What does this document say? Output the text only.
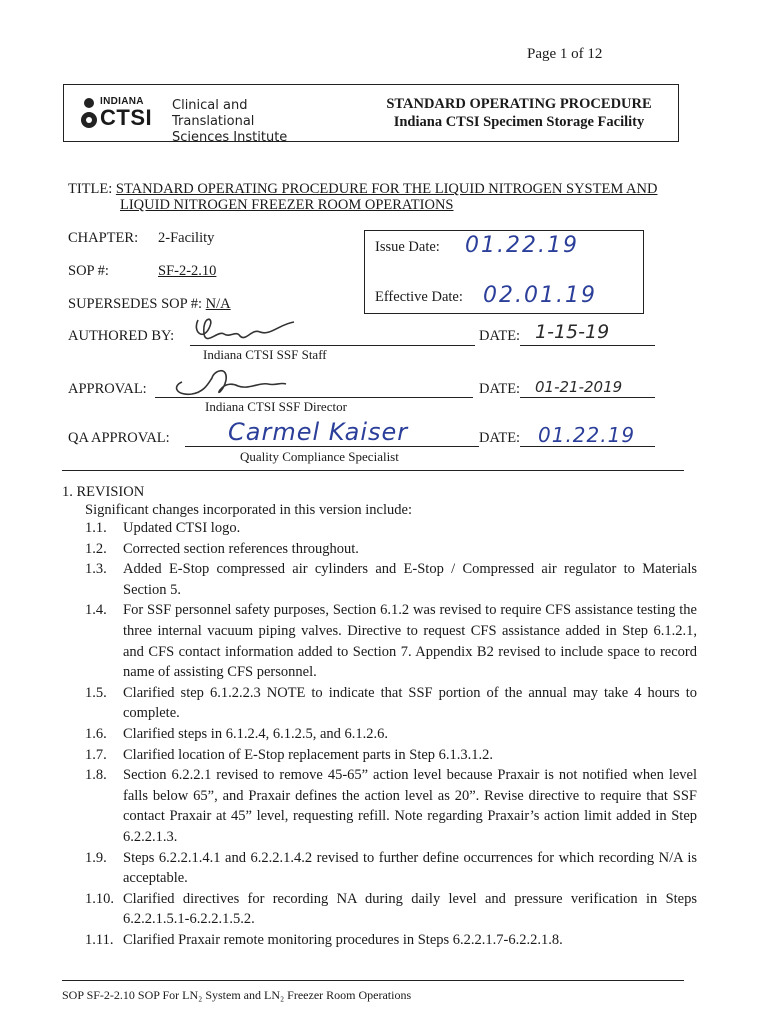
Page 1 of 12
INDIANA
CTSI Clinical and Translational
Sciences Institute
STANDARD OPERATING PROCEDURE
Indiana CTSI Specimen Storage Facility
TITLE: STANDARD OPERATING PROCEDURE FOR THE LIQUID NITROGEN SYSTEM AND
LIQUID NITROGEN FREEZER ROOM OPERATIONS
CHAPTER: 2-Facility
SOP #:	SF-2-2.10
SUPERSEDES SOP #: N/A
Issue Date: 01.22.19
Effective Date: 02.01.19
AUTHORED BY:
Indiana CTSI SSF Staff
DATE: 1-15-19
APPROVAL:
Indiana CTSI SSF Director
DATE: 01-21-2019
QA APPROVAL: Carmel Kaiser
Quality Compliance Specialist
DATE: 01.22.19
1. REVISION
Significant changes incorporated in this version include:
1.1.	Updated CTSI logo.
1.2.	Corrected section references throughout.
1.3.	Added E-Stop compressed air cylinders and E-Stop / Compressed air regulator to Materials Section 5.
1.4.	For SSF personnel safety purposes, Section 6.1.2 was revised to require CFS assistance testing the three internal vacuum piping valves. Directive to request CFS assistance added in Step 6.1.2.1, and CFS contact information added to Section 7. Appendix B2 revised to include space to record name of assisting CFS personnel.
1.5.	Clarified step 6.1.2.2.3 NOTE to indicate that SSF portion of the annual may take 4 hours to complete.
1.6.	Clarified steps in 6.1.2.4, 6.1.2.5, and 6.1.2.6.
1.7.	Clarified location of E-Stop replacement parts in Step 6.1.3.1.2.
1.8.	Section 6.2.2.1 revised to remove 45-65” action level because Praxair is not notified when level falls below 65”, and Praxair defines the action level as 20”. Revise directive to require that SSF contact Praxair at 45” level, requesting refill. Note regarding Praxair’s action limit added in Step 6.2.2.1.3.
1.9.	Steps 6.2.2.1.4.1 and 6.2.2.1.4.2 revised to further define occurrences for which recording N/A is acceptable.
1.10. Clarified directives for recording NA during daily level and pressure verification in Steps 6.2.2.1.5.1-6.2.2.1.5.2.
1.11. Clarified Praxair remote monitoring procedures in Steps 6.2.2.1.7-6.2.2.1.8.
SOP SF-2-2.10 SOP For LN₂ System and LN₂ Freezer Room Operations
